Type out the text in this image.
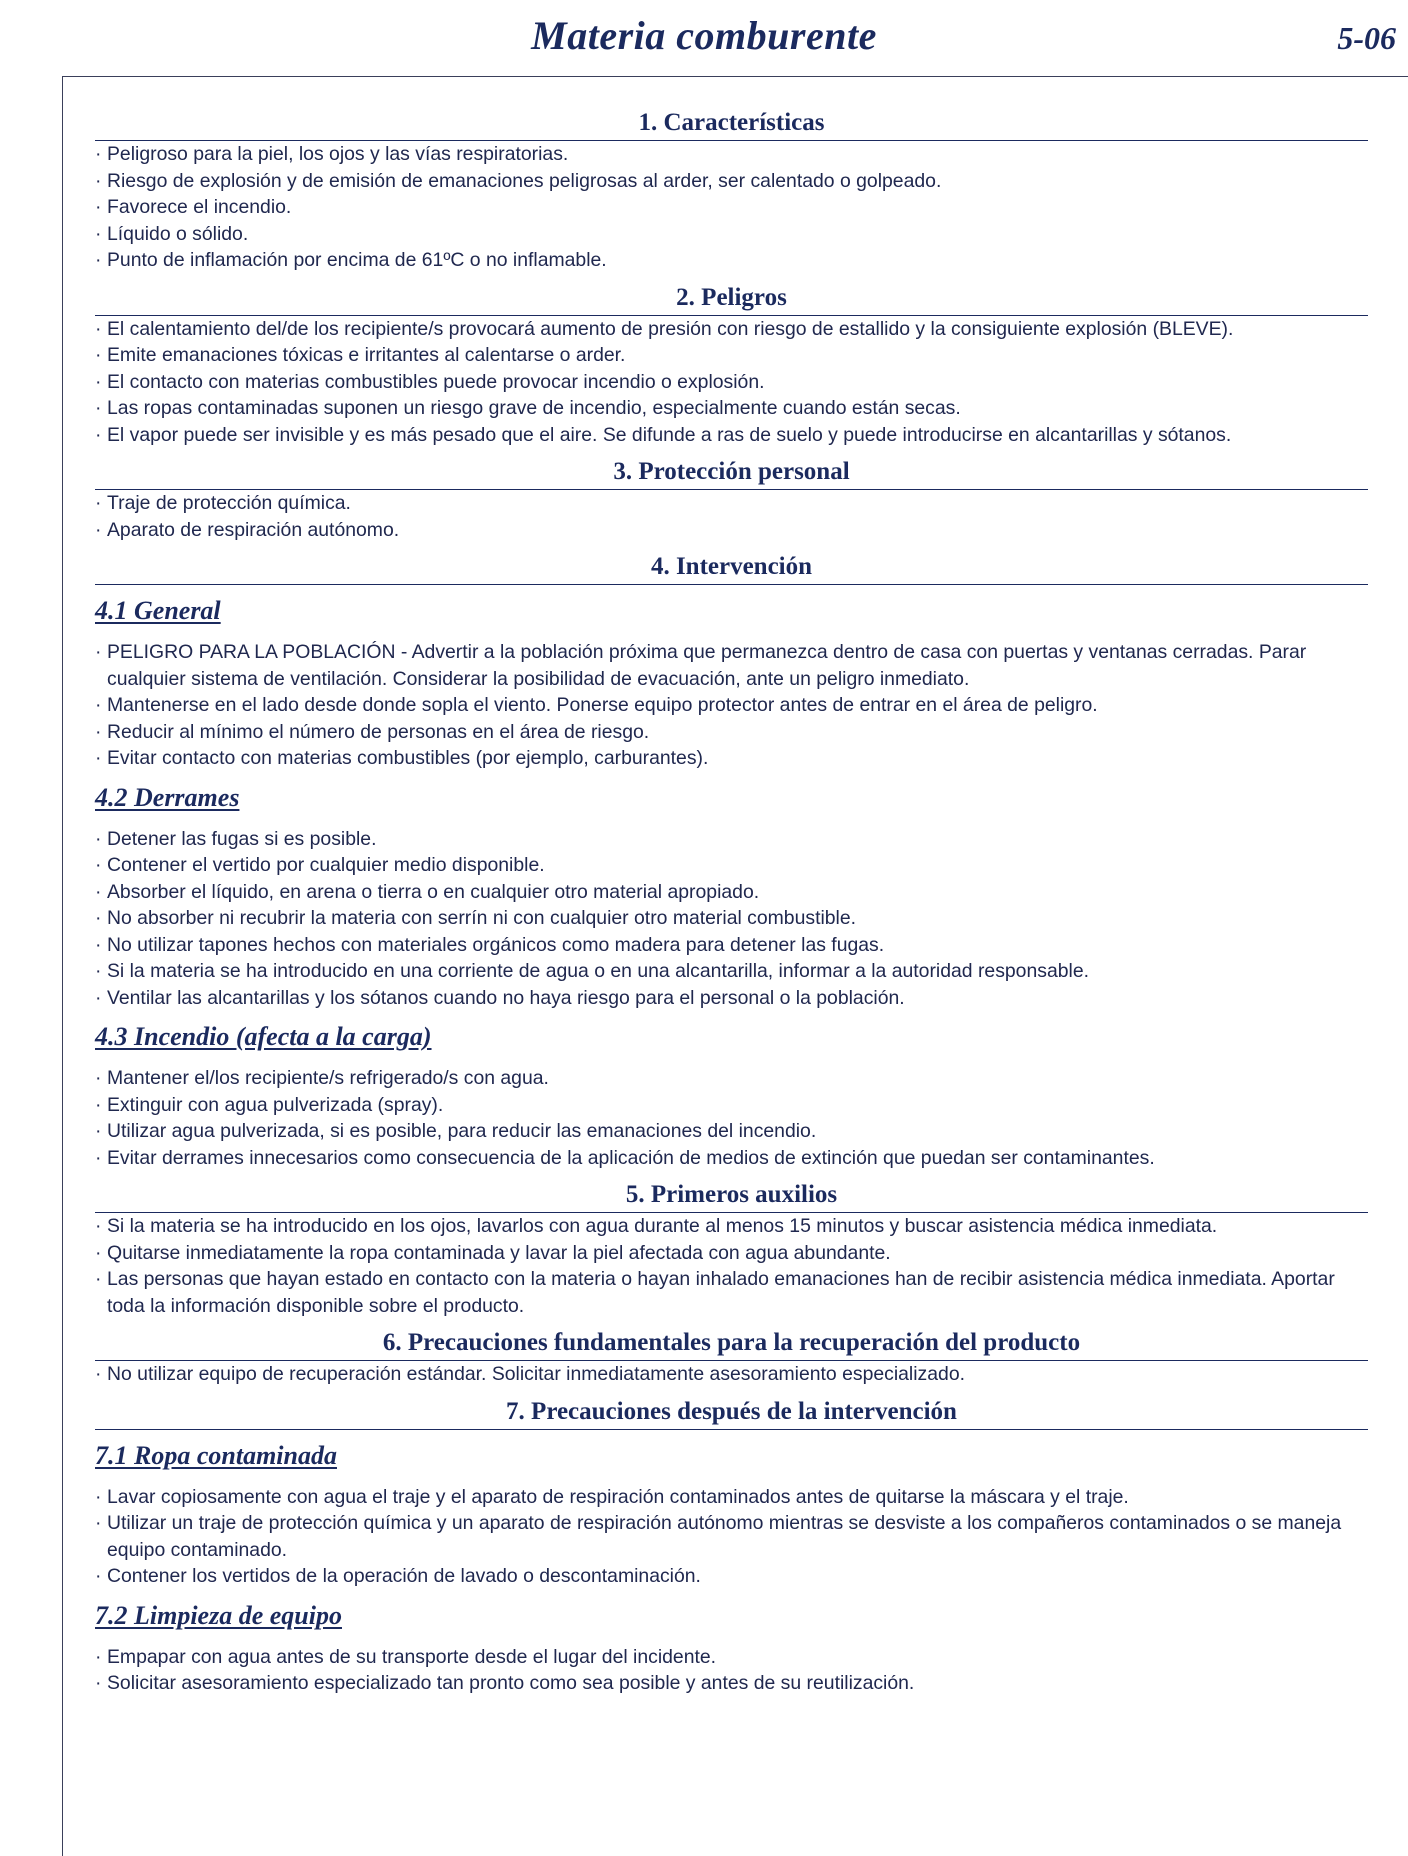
Materia comburente	5-06
1. Características
· Peligroso para la piel, los ojos y las vías respiratorias.
· Riesgo de explosión y de emisión de emanaciones peligrosas al arder, ser calentado o golpeado.
· Favorece el incendio.
· Líquido o sólido.
· Punto de inflamación por encima de 61ºC o no inflamable.
2. Peligros
· El calentamiento del/de los recipiente/s provocará aumento de presión con riesgo de estallido y la consiguiente explosión (BLEVE).
· Emite emanaciones tóxicas e irritantes al calentarse o arder.
· El contacto con materias combustibles puede provocar incendio o explosión.
· Las ropas contaminadas suponen un riesgo grave de incendio, especialmente cuando están secas.
· El vapor puede ser invisible y es más pesado que el aire. Se difunde a ras de suelo y puede introducirse en alcantarillas y sótanos.
3. Protección personal
· Traje de protección química.
· Aparato de respiración autónomo.
4. Intervención
4.1 General
· PELIGRO PARA LA POBLACIÓN - Advertir a la población próxima que permanezca dentro de casa con puertas y ventanas cerradas. Parar cualquier sistema de ventilación. Considerar la posibilidad de evacuación, ante un peligro inmediato.
· Mantenerse en el lado desde donde sopla el viento. Ponerse equipo protector antes de entrar en el área de peligro.
· Reducir al mínimo el número de personas en el área de riesgo.
· Evitar contacto con materias combustibles (por ejemplo, carburantes).
4.2 Derrames
· Detener las fugas si es posible.
· Contener el vertido por cualquier medio disponible.
· Absorber el líquido, en arena o tierra o en cualquier otro material apropiado.
· No absorber ni recubrir la materia con serrín ni con cualquier otro material combustible.
· No utilizar tapones hechos con materiales orgánicos como madera para detener las fugas.
· Si la materia se ha introducido en una corriente de agua o en una alcantarilla, informar a la autoridad responsable.
· Ventilar las alcantarillas y los sótanos cuando no haya riesgo para el personal o la población.
4.3 Incendio (afecta a la carga)
· Mantener el/los recipiente/s refrigerado/s con agua.
· Extinguir con agua pulverizada (spray).
· Utilizar agua pulverizada, si es posible, para reducir las emanaciones del incendio.
· Evitar derrames innecesarios como consecuencia de la aplicación de medios de extinción que puedan ser contaminantes.
5. Primeros auxilios
· Si la materia se ha introducido en los ojos, lavarlos con agua durante al menos 15 minutos y buscar asistencia médica inmediata.
· Quitarse inmediatamente la ropa contaminada y lavar la piel afectada con agua abundante.
· Las personas que hayan estado en contacto con la materia o hayan inhalado emanaciones han de recibir asistencia médica inmediata. Aportar toda la información disponible sobre el producto.
6. Precauciones fundamentales para la recuperación del producto
· No utilizar equipo de recuperación estándar. Solicitar inmediatamente asesoramiento especializado.
7. Precauciones después de la intervención
7.1 Ropa contaminada
· Lavar copiosamente con agua el traje y el aparato de respiración contaminados antes de quitarse la máscara y el traje.
· Utilizar un traje de protección química y un aparato de respiración autónomo mientras se desviste a los compañeros contaminados o se maneja equipo contaminado.
· Contener los vertidos de la operación de lavado o descontaminación.
7.2 Limpieza de equipo
· Empapar con agua antes de su transporte desde el lugar del incidente.
· Solicitar asesoramiento especializado tan pronto como sea posible y antes de su reutilización.
